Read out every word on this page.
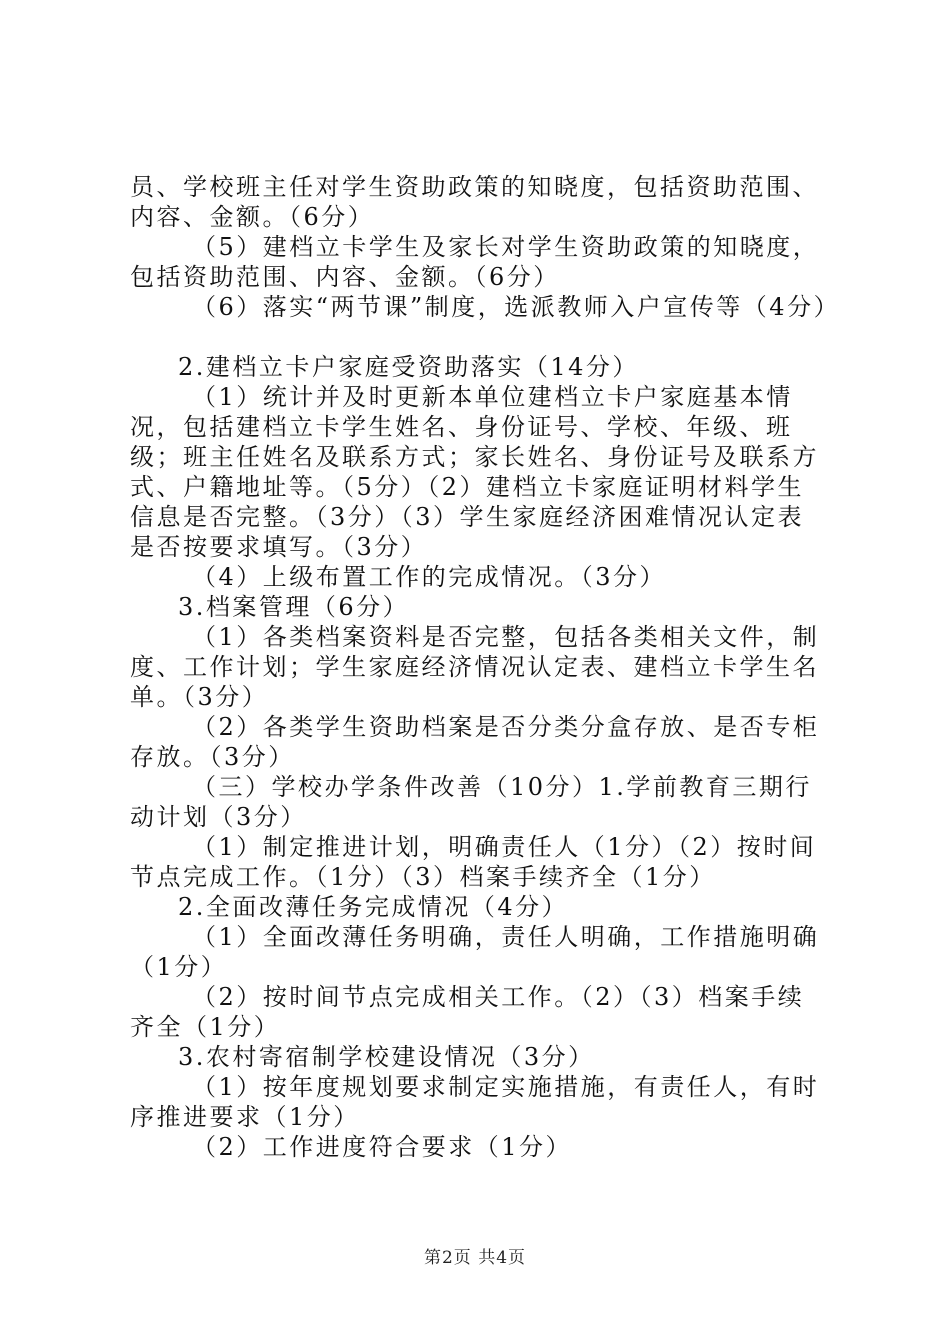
员、学校班主任对学生资助政策的知晓度，包括资助范围、内容、金额。（6分）

（5）建档立卡学生及家长对学生资助政策的知晓度，包括资助范围、内容、金额。（6分）

（6）落实“两节课”制度，选派教师入户宣传等（4分）

2.建档立卡户家庭受资助落实（14分）

（1）统计并及时更新本单位建档立卡户家庭基本情况，包括建档立卡学生姓名、身份证号、学校、年级、班级；班主任姓名及联系方式；家长姓名、身份证号及联系方式、户籍地址等。（5分）（2）建档立卡家庭证明材料学生信息是否完整。（3分）（3）学生家庭经济困难情况认定表是否按要求填写。（3分）

（4）上级布置工作的完成情况。（3分）

3.档案管理（6分）

（1）各类档案资料是否完整，包括各类相关文件，制度、工作计划；学生家庭经济情况认定表、建档立卡学生名单。（3分）

（2）各类学生资助档案是否分类分盒存放、是否专柜存放。（3分）

（三）学校办学条件改善（10分）1.学前教育三期行动计划（3分）

（1）制定推进计划，明确责任人（1分）（2）按时间节点完成工作。（1分）（3）档案手续齐全（1分）

2.全面改薄任务完成情况（4分）

（1）全面改薄任务明确，责任人明确，工作措施明确（1分）

（2）按时间节点完成相关工作。（2）（3）档案手续齐全（1分）

3.农村寄宿制学校建设情况（3分）

（1）按年度规划要求制定实施措施，有责任人，有时序推进要求（1分）

（2）工作进度符合要求（1分）

第2页 共4页
